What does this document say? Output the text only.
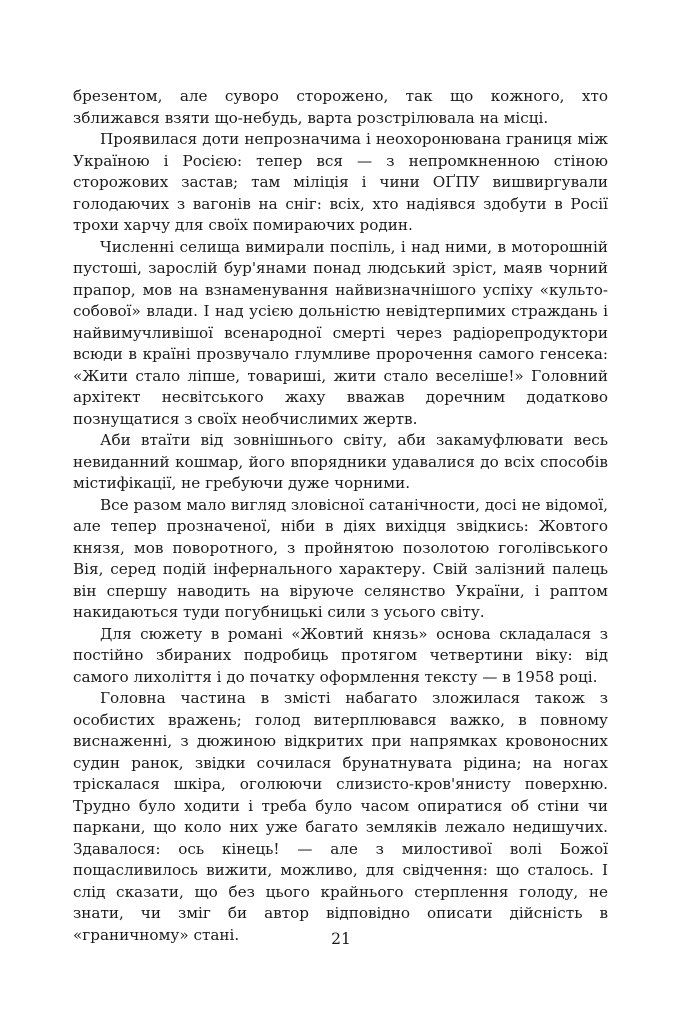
брезентом, але суворо сторожено, так що кожного, хто зближався взяти що-небудь, варта розстрілювала на місці.

Проявилася доти непрозначима і неохоронювана границя між Україною і Росією: тепер вся — з непромкненною стіною сторожових застав; там міліція і чини ОҐПУ вишвиргували голодаючих з вагонів на сніг: всіх, хто надіявся здобути в Росії трохи харчу для своїх помираючих родин.

Численні селища вимирали поспіль, і над ними, в моторошній пустоші, зарослій бур'янами понад людський зріст, маяв чорний прапор, мов на взнаменування найвизначнішого успіху «культо-собової» влади. І над усією дольністю невідтерпимих страждань і найвимучливішої всенародної смерті через радіорепродуктори всюди в країні прозвучало глумливе пророчення самого генсека: «Жити стало ліпше, товариші, жити стало веселіше!» Головний архітект несвітського жаху вважав доречним додатково познущатися з своїх необчислимих жертв.

Аби втаїти від зовнішнього світу, аби закамуфлювати весь невиданний кошмар, його впорядники удавалися до всіх способів містифікації, не гребуючи дуже чорними.

Все разом мало вигляд зловісної сатанічности, досі не відомої, але тепер прозначеної, ніби в діях вихідця звідкись: Жовтого князя, мов поворотного, з пройнятою позолотою гоголівського Вія, серед подій інфернального характеру. Свій залізний палець він спершу наводить на віруюче селянство України, і раптом накидаються туди погубницькі сили з усього світу.

Для сюжету в романі «Жовтий князь» основа складалася з постійно збираних подробиць протягом четвертини віку: від самого лихоліття і до початку оформлення тексту — в 1958 році.

Головна частина в змісті набагато зложилася також з особистих вражень; голод витерплювався важко, в повному виснаженні, з дюжиною відкритих при напрямках кровоносних судин ранок, звідки сочилася брунатнувата рідина; на ногах тріскалася шкіра, оголюючи слизисто-кров'янисту поверхню. Трудно було ходити і треба було часом опиратися об стіни чи паркани, що коло них уже багато земляків лежало недишучих. Здавалося: ось кінець! — але з милостивої волі Божої пощасливилось вижити, можливо, для свідчення: що сталось. І слід сказати, що без цього крайнього стерплення голоду, не знати, чи зміг би автор відповідно описати дійсність в «граничному» стані.	21
